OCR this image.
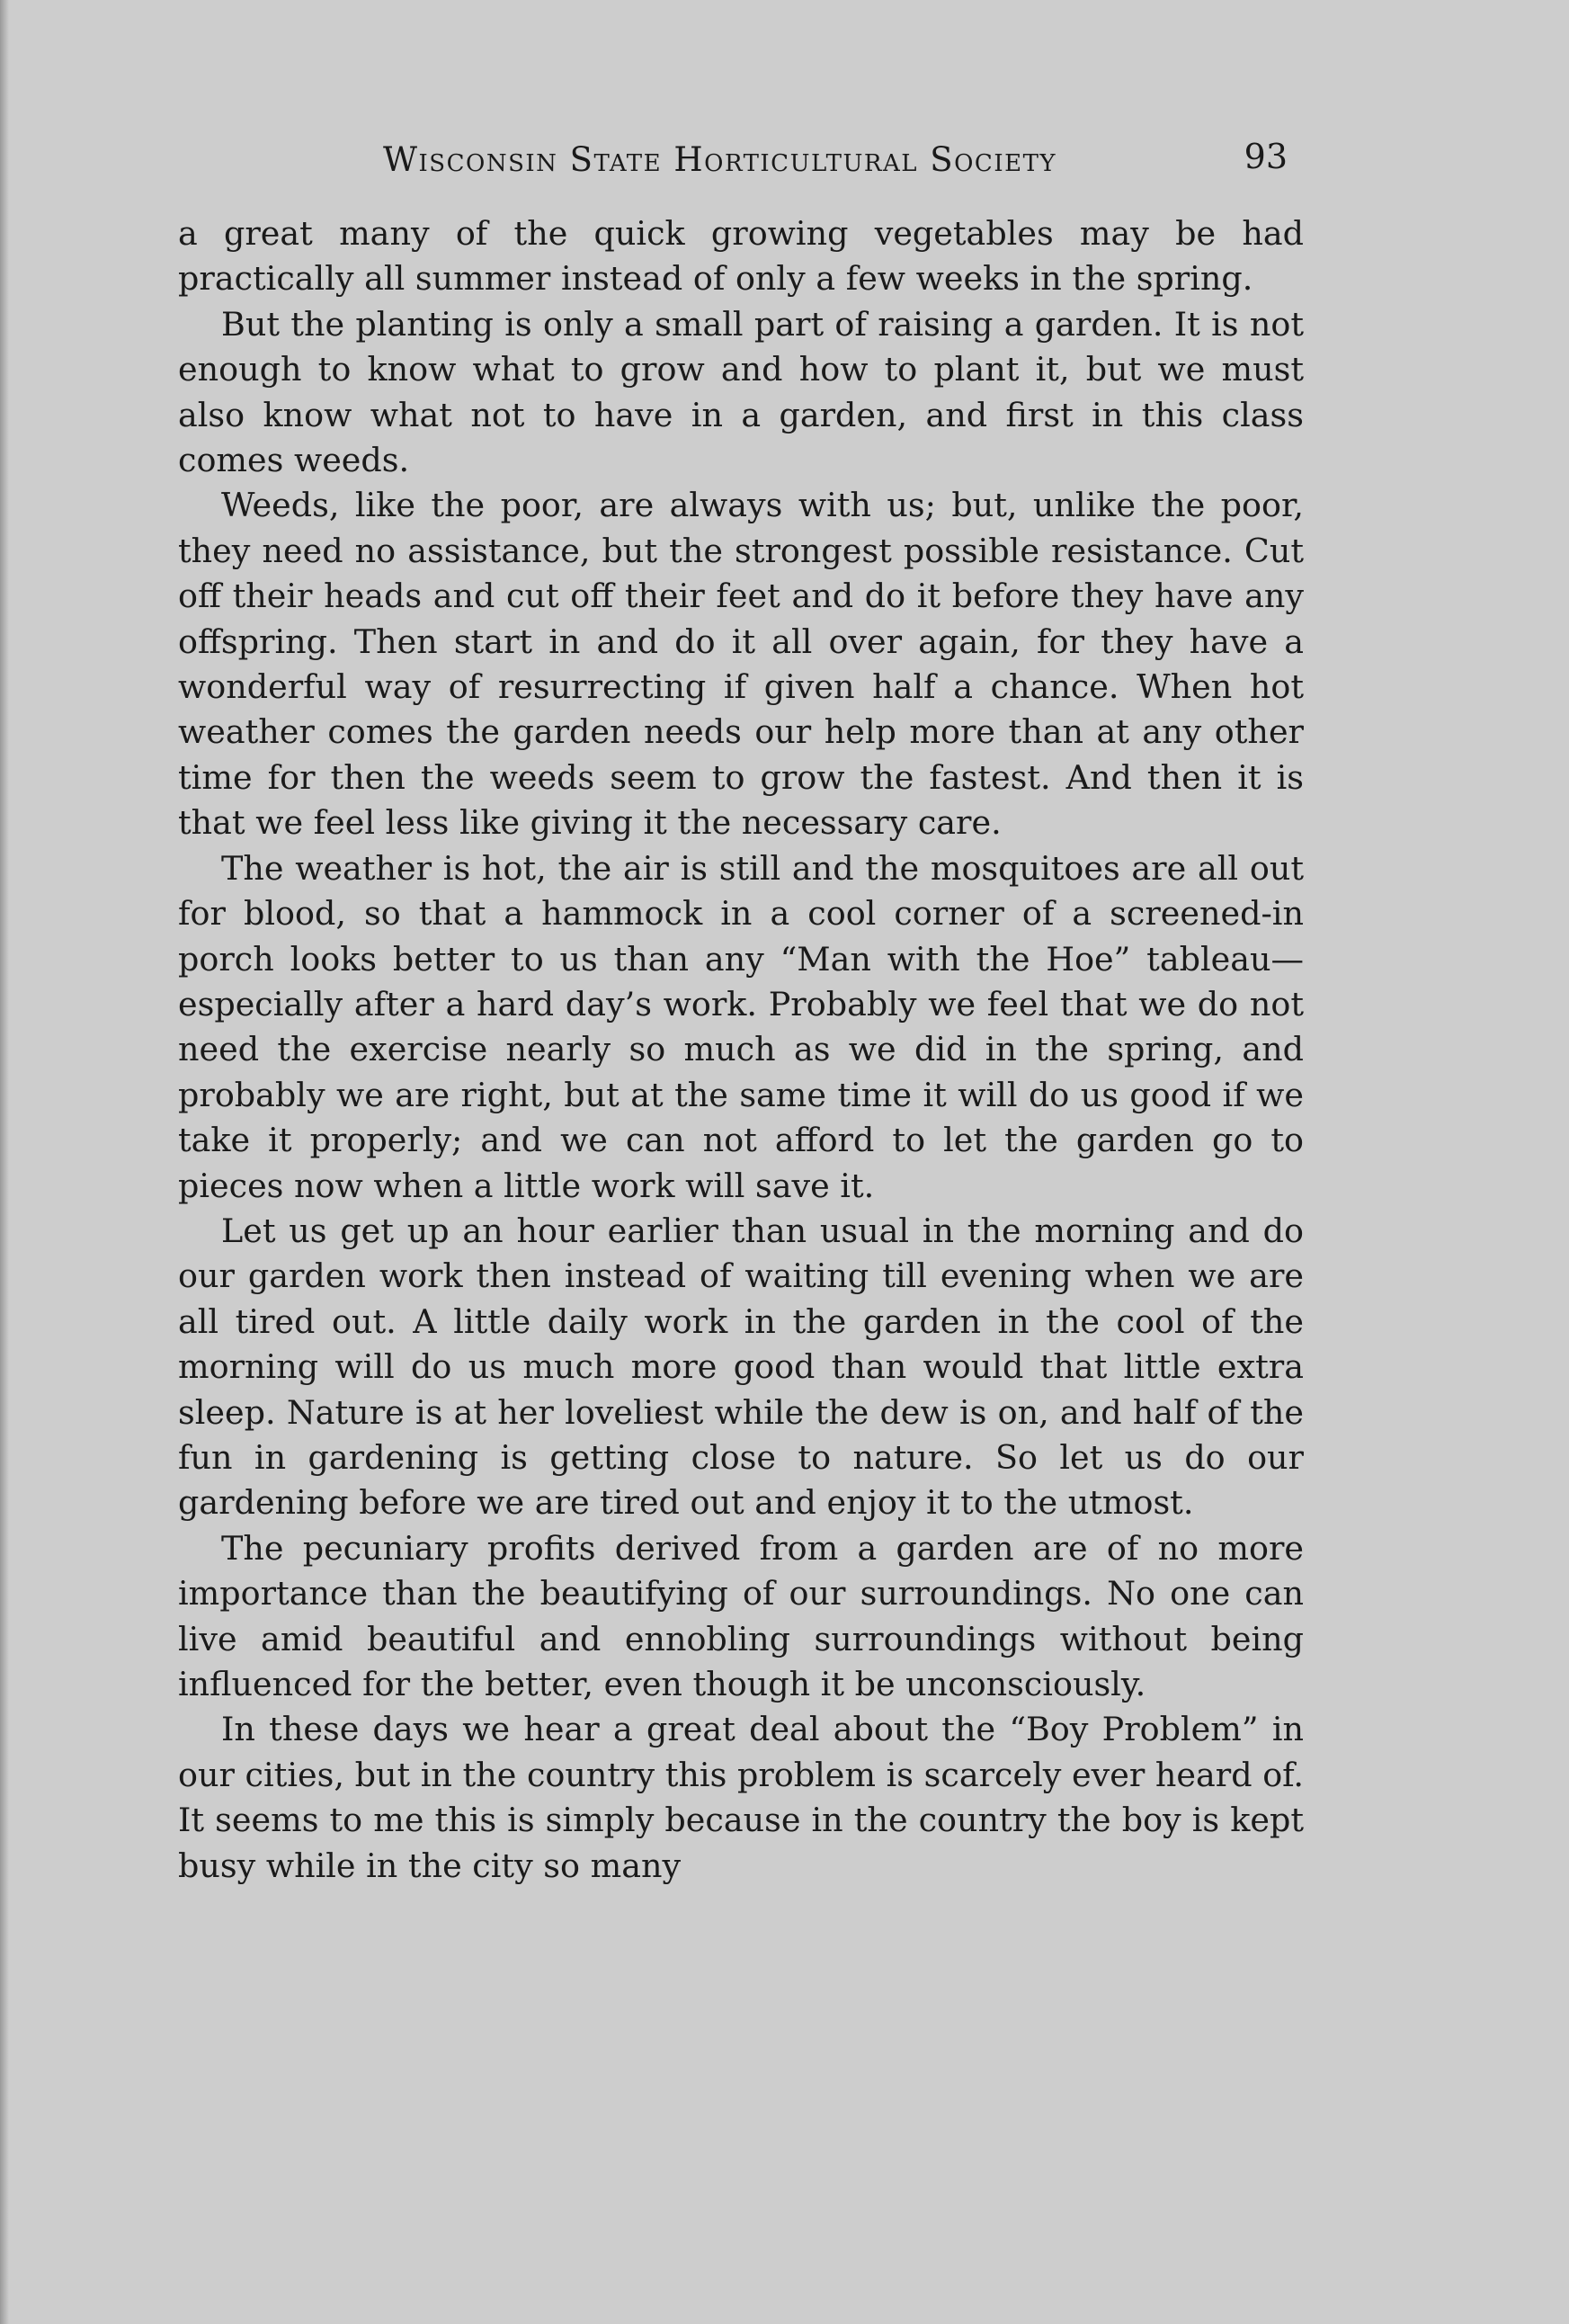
Wisconsin State Horticultural Society	93

a great many of the quick growing vegetables may be had practically all summer instead of only a few weeks in the spring.

But the planting is only a small part of raising a garden. It is not enough to know what to grow and how to plant it, but we must also know what not to have in a garden, and first in this class comes weeds.

Weeds, like the poor, are always with us; but, unlike the poor, they need no assistance, but the strongest possible resistance. Cut off their heads and cut off their feet and do it before they have any offspring. Then start in and do it all over again, for they have a wonderful way of resurrecting if given half a chance. When hot weather comes the garden needs our help more than at any other time for then the weeds seem to grow the fastest. And then it is that we feel less like giving it the necessary care.

The weather is hot, the air is still and the mosquitoes are all out for blood, so that a hammock in a cool corner of a screened-in porch looks better to us than any “Man with the Hoe” tableau—especially after a hard day’s work. Probably we feel that we do not need the exercise nearly so much as we did in the spring, and probably we are right, but at the same time it will do us good if we take it properly; and we can not afford to let the garden go to pieces now when a little work will save it.

Let us get up an hour earlier than usual in the morning and do our garden work then instead of waiting till evening when we are all tired out. A little daily work in the garden in the cool of the morning will do us much more good than would that little extra sleep. Nature is at her loveliest while the dew is on, and half of the fun in gardening is getting close to nature. So let us do our gardening before we are tired out and enjoy it to the utmost.

The pecuniary profits derived from a garden are of no more importance than the beautifying of our surroundings. No one can live amid beautiful and ennobling surroundings without being influenced for the better, even though it be unconsciously.

In these days we hear a great deal about the “Boy Problem” in our cities, but in the country this problem is scarcely ever heard of. It seems to me this is simply because in the country the boy is kept busy while in the city so many
